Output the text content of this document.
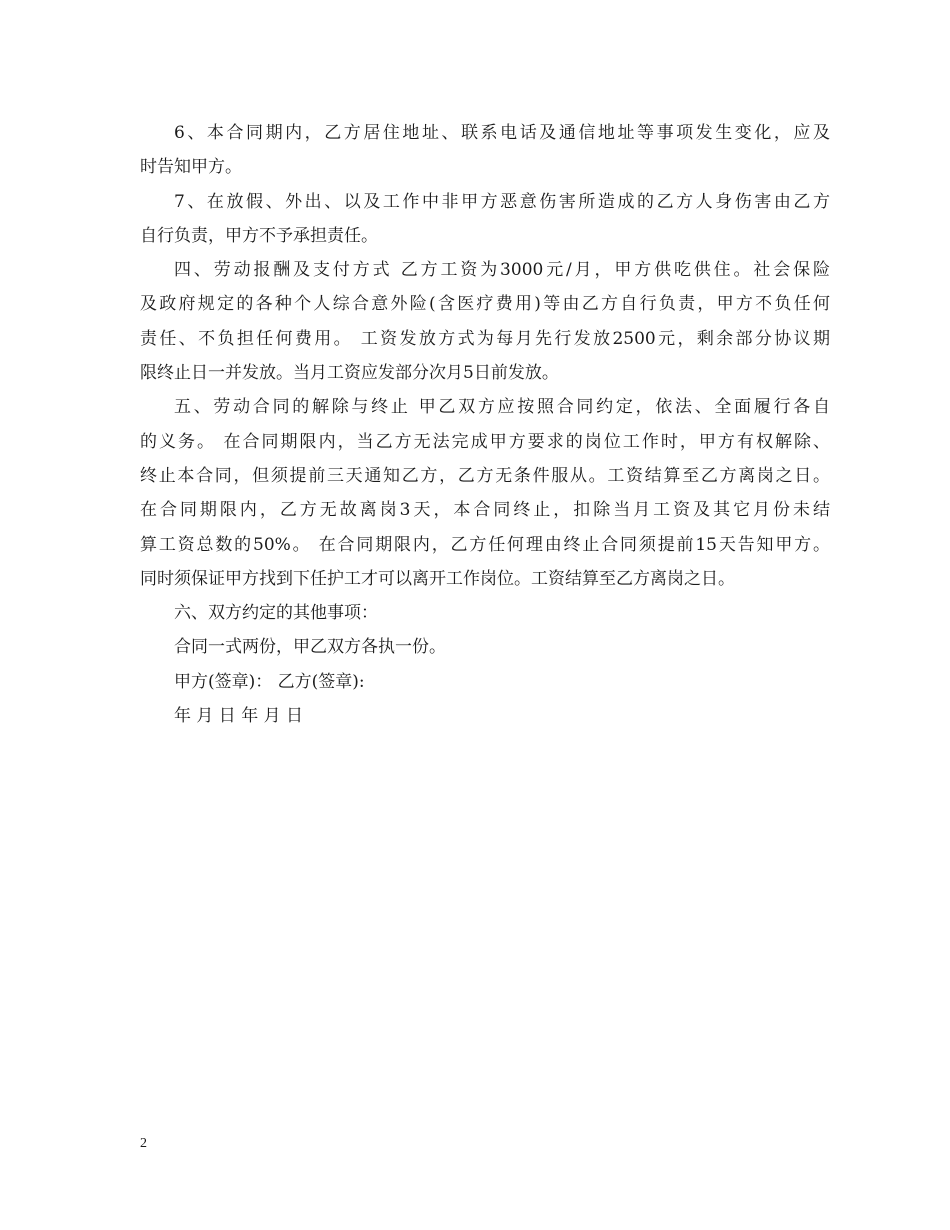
6、本合同期内，乙方居住地址、联系电话及通信地址等事项发生变化，应及
时告知甲方。
7、在放假、外出、以及工作中非甲方恶意伤害所造成的乙方人身伤害由乙方
自行负责，甲方不予承担责任。
四、劳动报酬及支付方式 乙方工资为3000元/月，甲方供吃供住。社会保险
及政府规定的各种个人综合意外险(含医疗费用)等由乙方自行负责，甲方不负任何
责任、不负担任何费用。 工资发放方式为每月先行发放2500元，剩余部分协议期
限终止日一并发放。当月工资应发部分次月5日前发放。
五、劳动合同的解除与终止 甲乙双方应按照合同约定，依法、全面履行各自
的义务。 在合同期限内，当乙方无法完成甲方要求的岗位工作时，甲方有权解除、
终止本合同，但须提前三天通知乙方，乙方无条件服从。工资结算至乙方离岗之日。
在合同期限内，乙方无故离岗3天，本合同终止，扣除当月工资及其它月份未结
算工资总数的50%。 在合同期限内，乙方任何理由终止合同须提前15天告知甲方。
同时须保证甲方找到下任护工才可以离开工作岗位。工资结算至乙方离岗之日。
六、双方约定的其他事项：
合同一式两份，甲乙双方各执一份。
甲方(签章)： 乙方(签章):
年 月 日 年 月 日
2
